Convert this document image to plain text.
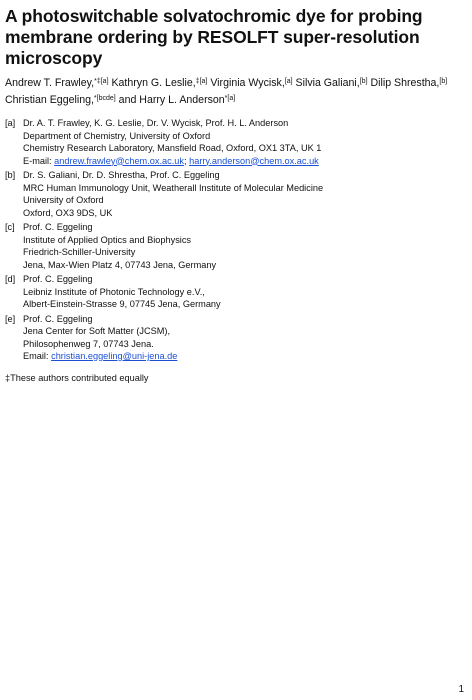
A photoswitchable solvatochromic dye for probing membrane ordering by RESOLFT super-resolution microscopy
Andrew T. Frawley,$^{*\ddagger[a]}$ Kathryn G. Leslie,$^{\ddagger[a]}$ Virginia Wycisk,[a] Silvia Galiani,[b] Dilip Shrestha,[b] Christian Eggeling,$^{*[bcde]}$ and Harry L. Anderson$^{*[a]}$
[a] Dr. A. T. Frawley, K. G. Leslie, Dr. V. Wycisk, Prof. H. L. Anderson
Department of Chemistry, University of Oxford
Chemistry Research Laboratory, Mansfield Road, Oxford, OX1 3TA, UK 1
E-mail: andrew.frawley@chem.ox.ac.uk; harry.anderson@chem.ox.ac.uk
[b] Dr. S. Galiani, Dr. D. Shrestha, Prof. C. Eggeling
MRC Human Immunology Unit, Weatherall Institute of Molecular Medicine
University of Oxford
Oxford, OX3 9DS, UK
[c] Prof. C. Eggeling
Institute of Applied Optics and Biophysics
Friedrich-Schiller-University
Jena, Max-Wien Platz 4, 07743 Jena, Germany
[d] Prof. C. Eggeling
Leibniz Institute of Photonic Technology e.V.,
Albert-Einstein-Strasse 9, 07745 Jena, Germany
[e] Prof. C. Eggeling
Jena Center for Soft Matter (JCSM),
Philosophenweg 7, 07743 Jena.
Email: christian.eggeling@uni-jena.de
‡These authors contributed equally
1
